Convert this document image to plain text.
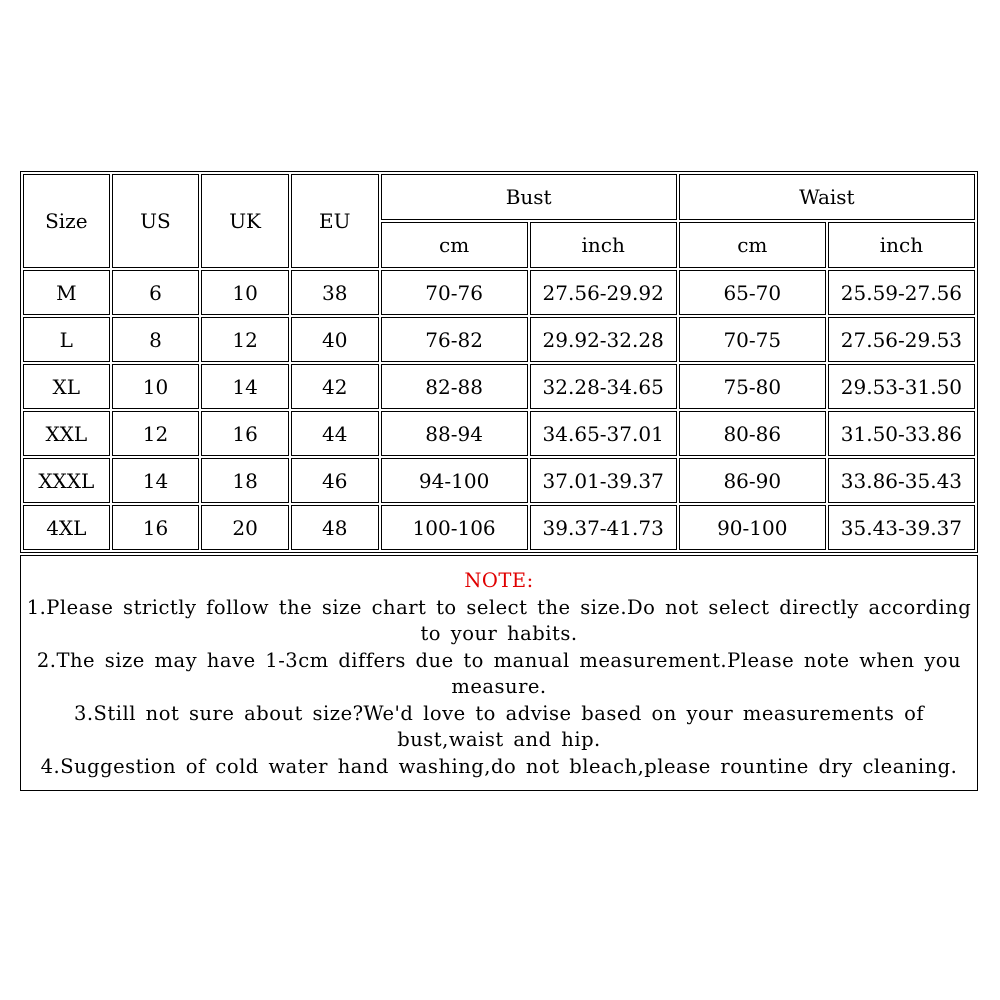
Size	US	UK	EU	Bust		Waist	
				cm	inch	cm	inch
M	6	10	38	70-76	27.56-29.92	65-70	25.59-27.56
L	8	12	40	76-82	29.92-32.28	70-75	27.56-29.53
XL	10	14	42	82-88	32.28-34.65	75-80	29.53-31.50
XXL	12	16	44	88-94	34.65-37.01	80-86	31.50-33.86
XXXL	14	18	46	94-100	37.01-39.37	86-90	33.86-35.43
4XL	16	20	48	100-106	39.37-41.73	90-100	35.43-39.37
NOTE:
1.Please strictly follow the size chart to select the size.Do not select directly according to your habits.
2.The size may have 1-3cm differs due to manual measurement.Please note when you measure.
3.Still not sure about size?We'd love to advise based on your measurements of bust,waist and hip.
4.Suggestion of cold water hand washing,do not bleach,please rountine dry cleaning.
